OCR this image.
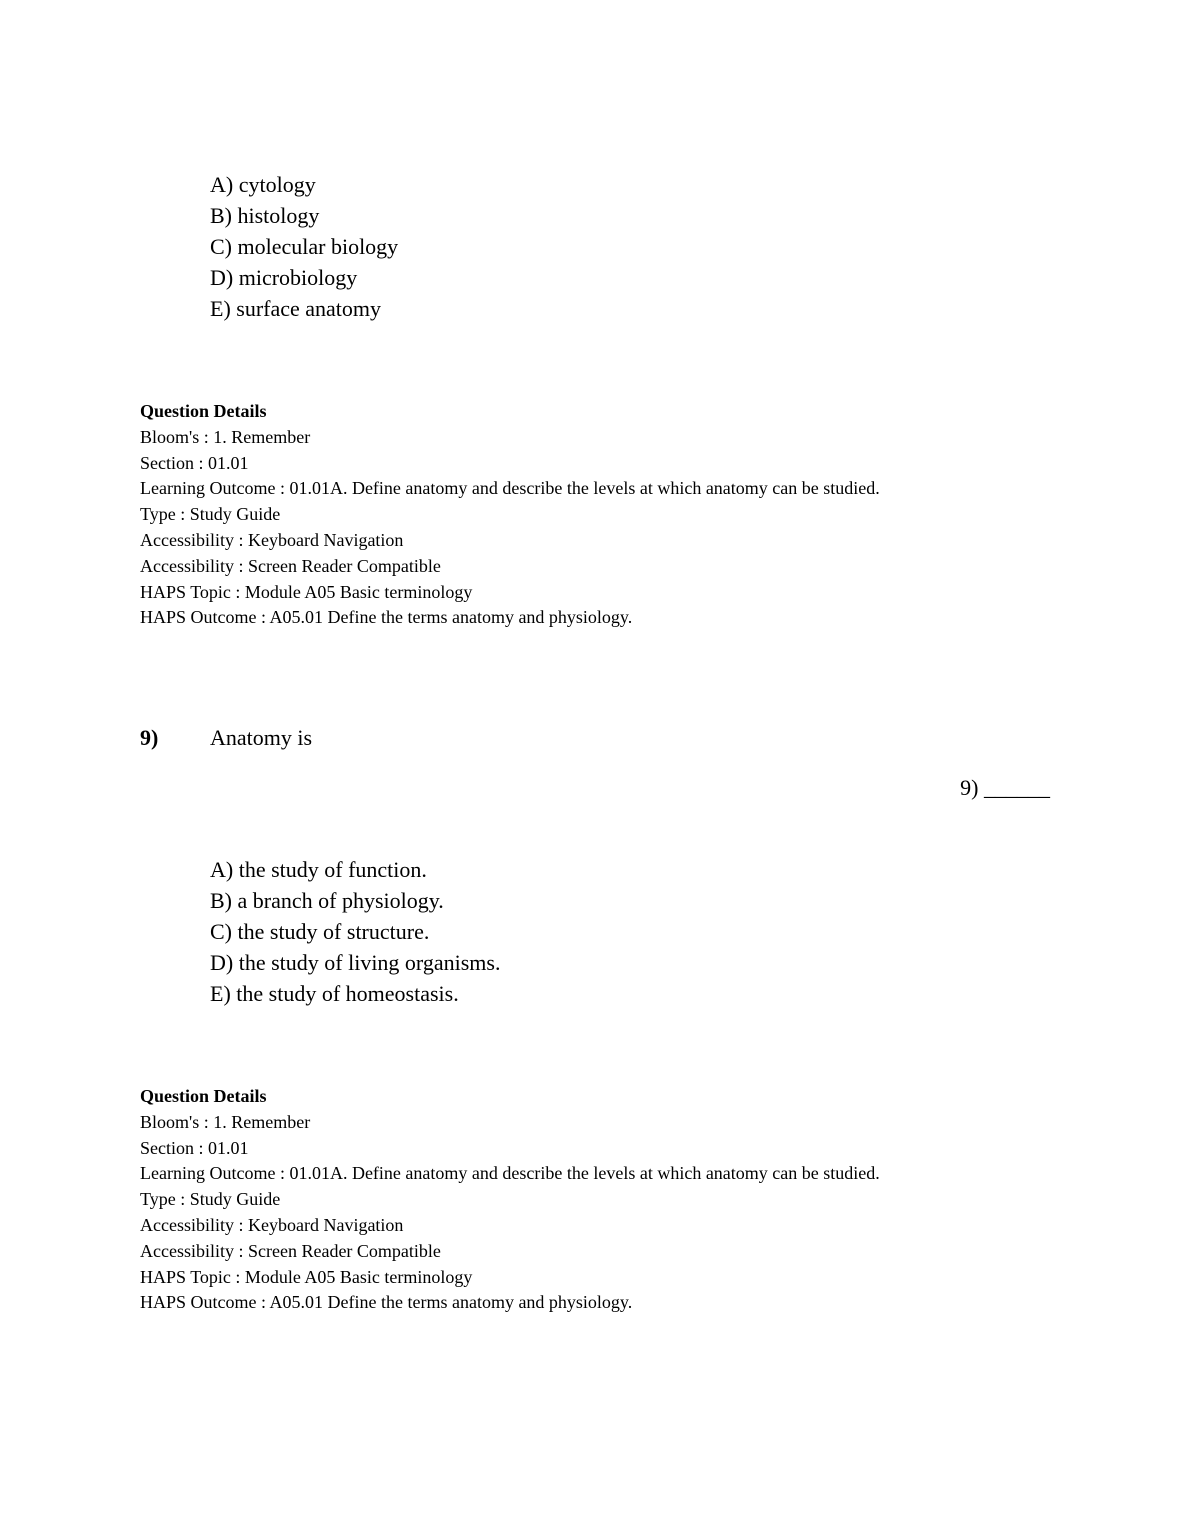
A) cytology
B) histology
C) molecular biology
D) microbiology
E) surface anatomy
Question Details
Bloom's : 1. Remember
Section : 01.01
Learning Outcome : 01.01A. Define anatomy and describe the levels at which anatomy can be studied.
Type : Study Guide
Accessibility : Keyboard Navigation
Accessibility : Screen Reader Compatible
HAPS Topic : Module A05 Basic terminology
HAPS Outcome : A05.01 Define the terms anatomy and physiology.
9) Anatomy is
9) ______
A) the study of function.
B) a branch of physiology.
C) the study of structure.
D) the study of living organisms.
E) the study of homeostasis.
Question Details
Bloom's : 1. Remember
Section : 01.01
Learning Outcome : 01.01A. Define anatomy and describe the levels at which anatomy can be studied.
Type : Study Guide
Accessibility : Keyboard Navigation
Accessibility : Screen Reader Compatible
HAPS Topic : Module A05 Basic terminology
HAPS Outcome : A05.01 Define the terms anatomy and physiology.
